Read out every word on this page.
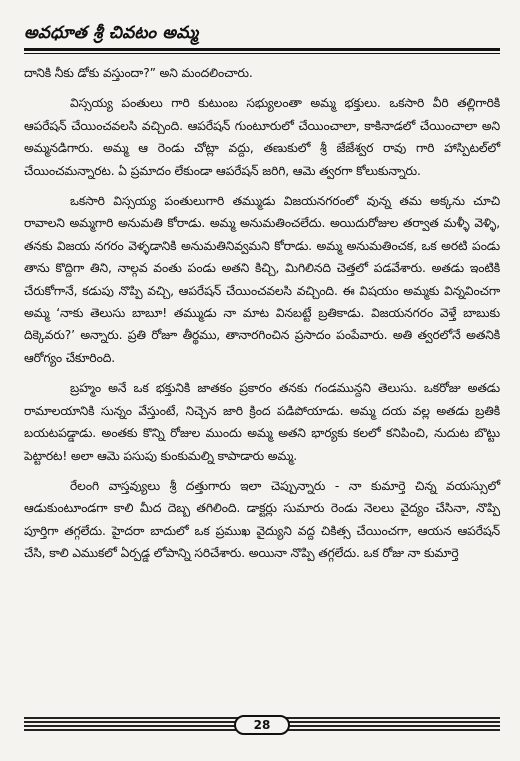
అవధూత శ్రీ చివటం అమ్మ

దానికి నీకు డోకు వస్తుందా?” అని మందలించారు.

విస్సయ్య పంతులు గారి కుటుంబ సభ్యులంతా అమ్మ భక్తులు. ఒకసారి వీరి తల్లిగారికి ఆపరేషన్ చేయించవలసి వచ్చింది. ఆపరేషన్ గుంటూరులో చేయించాలా, కాకినాడలో చేయించాలా అని అమ్మనడిగారు. అమ్మ ఆ రెండు చోట్లా వద్దు, తణుకులో శ్రీ జేజేశ్వర రావు గారి హాస్పిటల్‌లో చేయించమన్నారట. ఏ ప్రమాదం లేకుండా ఆపరేషన్ జరిగి, ఆమె త్వరగా కోలుకున్నారు.

ఒకసారి విస్సయ్య పంతులుగారి తమ్ముడు విజయనగరంలో వున్న తమ అక్కను చూచి రావాలని అమ్మగారి అనుమతి కోరాడు. అమ్మ అనుమతించలేదు. అయిదురోజుల తర్వాత మళ్ళీ వెళ్ళి, తనకు విజయ నగరం వెళ్ళడానికి అనుమతినివ్వమని కోరాడు. అమ్మ అనుమతించక, ఒక అరటి పండు తాను కొద్దిగా తిని, నాల్గవ వంతు పండు అతని కిచ్చి, మిగిలినది చెత్తలో పడవేశారు. అతడు ఇంటికి చేరుకోగానే, కడుపు నొప్పి వచ్చి, ఆపరేషన్ చేయించవలసి వచ్చింది. ఈ విషయం అమ్మకు విన్నవించగా అమ్మ ‘నాకు తెలుసు బాబూ! తమ్ముడు నా మాట వినబట్టే బ్రతికాడు. విజయనగరం వెళ్తే బాబుకు దిక్కెవరు?’ అన్నారు. ప్రతి రోజూ తీర్థము, తానారగించిన ప్రసాదం పంపేవారు. అతి త్వరలోనే అతనికి ఆరోగ్యం చేకూరింది.

బ్రహ్మం అనే ఒక భక్తునికి జాతకం ప్రకారం తనకు గండమున్దని తెలుసు. ఒకరోజు అతడు రామాలయానికి సున్నం వేస్తుంటే, నిచ్చెన జారి క్రింద పడిపోయాడు. అమ్మ దయ వల్ల అతడు బ్రతికి బయటపడ్డాడు. అంతకు కొన్ని రోజుల ముందు అమ్మ అతని భార్యకు కలలో కనిపించి, నుదుట బొట్టు పెట్టారట! అలా ఆమె పసుపు కుంకుమల్ని కాపాడారు అమ్మ.

రేలంగి వాస్తవ్యులు శ్రీ దత్తుగారు ఇలా చెప్పున్నారు - నా కుమార్తె చిన్న వయస్సులో ఆడుకుంటూండగా కాలి మీద దెబ్బ తగిలింది. డాక్టర్లు సుమారు రెండు నెలలు వైద్యం చేసినా, నొప్పి పూర్తిగా తగ్గలేదు. హైదరా బాదులో ఒక ప్రముఖ వైద్యుని వద్ద చికిత్స చేయించగా, ఆయన ఆపరేషన్ చేసి, కాలి ఎముకలో ఏర్పడ్డ లోపాన్ని సరిచేశారు. అయినా నొప్పి తగ్గలేదు. ఒక రోజు నా కుమార్తె

28
